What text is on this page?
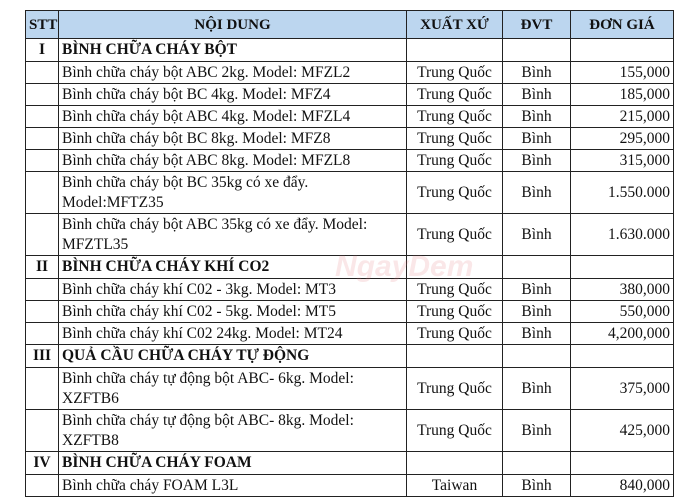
STT	NỘI DUNG	XUẤT XỨ	ĐVT	ĐƠN GIÁ
I	BÌNH CHỮA CHÁY BỘT			
	Bình chữa cháy bột ABC 2kg. Model: MFZL2	Trung Quốc	Bình	155,000
	Bình chữa cháy bột BC 4kg. Model: MFZ4	Trung Quốc	Bình	185,000
	Bình chữa cháy bột ABC 4kg. Model: MFZL4	Trung Quốc	Bình	215,000
	Bình chữa cháy bột BC 8kg. Model: MFZ8	Trung Quốc	Bình	295,000
	Bình chữa cháy bột ABC 8kg. Model: MFZL8	Trung Quốc	Bình	315,000
	Bình chữa cháy bột BC 35kg có xe đẩy. Model:MFTZ35	Trung Quốc	Bình	1.550.000
	Bình chữa cháy bột ABC 35kg có xe đẩy. Model: MFZTL35	Trung Quốc	Bình	1.630.000
II	BÌNH CHỮA CHÁY KHÍ CO2			
	Bình chữa cháy khí C02 - 3kg. Model: MT3	Trung Quốc	Bình	380,000
	Bình chữa cháy khí C02 - 5kg. Model: MT5	Trung Quốc	Bình	550,000
	Bình chữa cháy khí C02 24kg. Model: MT24	Trung Quốc	Bình	4,200,000
III	QUẢ CẦU CHỮA CHÁY TỰ ĐỘNG			
	Bình chữa cháy tự động bột ABC- 6kg. Model: XZFTB6	Trung Quốc	Bình	375,000
	Bình chữa cháy tự động bột ABC- 8kg. Model: XZFTB8	Trung Quốc	Bình	425,000
IV	BÌNH CHỮA CHÁY FOAM			
	Bình chữa cháy FOAM L3L	Taiwan	Bình	840,000
NgayDem
